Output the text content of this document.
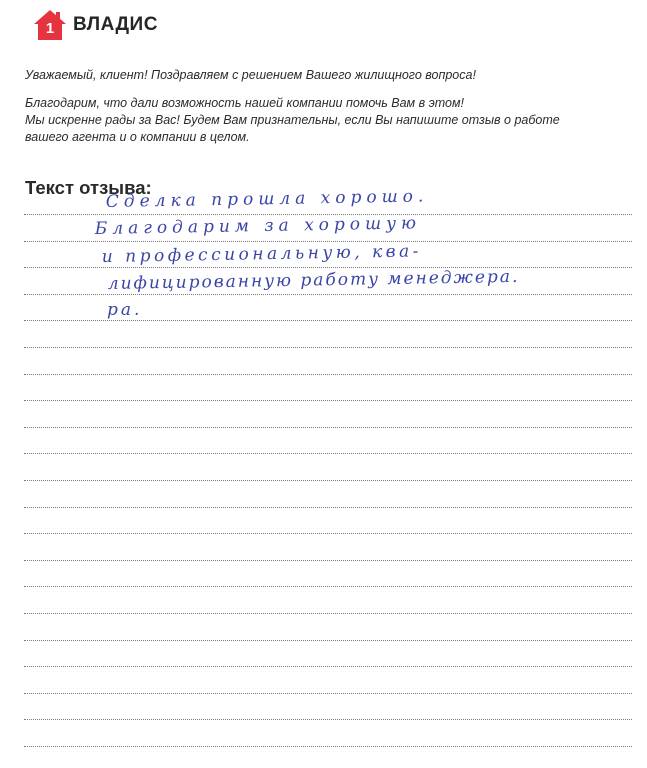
1 ВЛАДИС
Уважаемый, клиент! Поздравляем с решением Вашего жилищного вопроса!
Благодарим, что дали возможность нашей компании помочь Вам в этом!
Мы искренне рады за Вас! Будем Вам признательны, если Вы напишите отзыв о работе
вашего агента и о компании в целом.
Текст отзыва:
Сделка прошла хорошо.
Благодарим за хорошую
и профессиональную, ква-
лифицированную работу менеджера.
ра.
